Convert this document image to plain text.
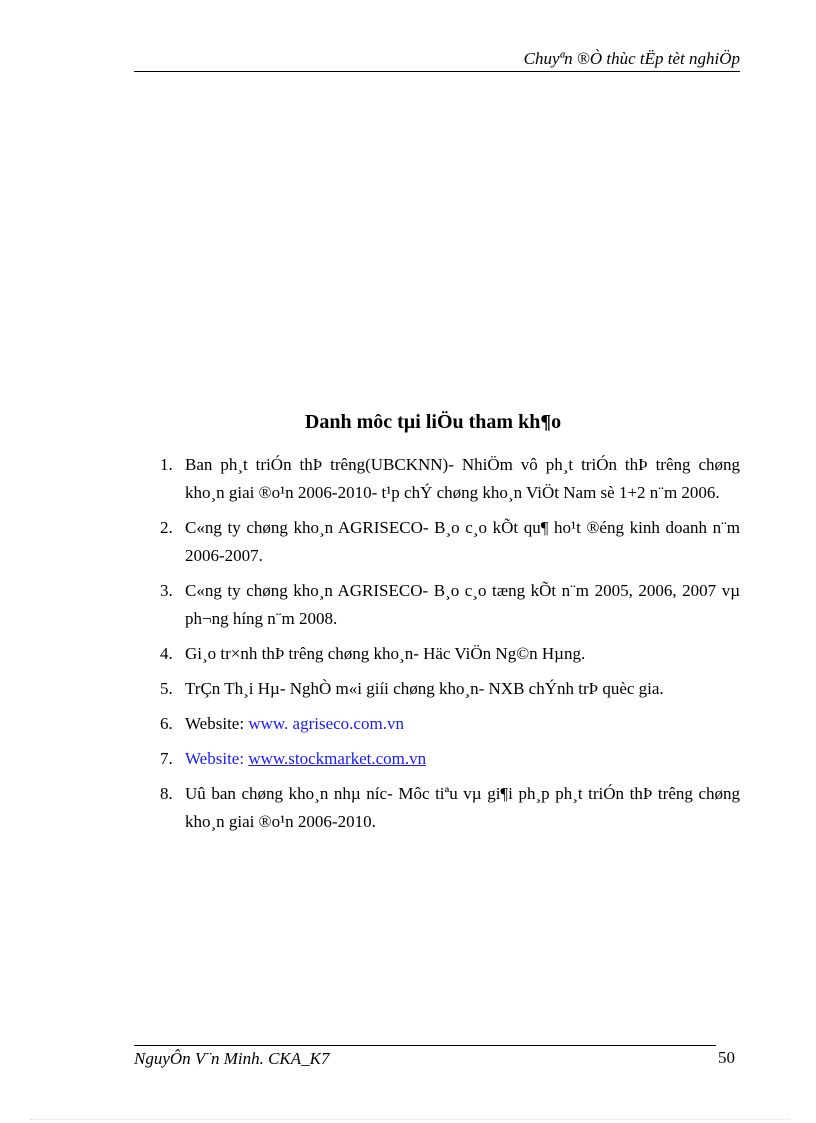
Chuyªn ®Ò thùc tËp tèt nghiÖp
Danh môc tµi liÖu tham kh¶o
1. Ban ph¸t triÓn thÞ trêng(UBCKNN)- NhiÖm vô ph¸t triÓn thÞ trêng chøng kho¸n giai ®o¹n 2006-2010- t¹p chÝ chøng kho¸n ViÖt Nam sè 1+2 n¨m 2006.
2. C«ng ty chøng kho¸n AGRISECO- B¸o c¸o kÕt qu¶ ho¹t ®éng kinh doanh n¨m 2006-2007.
3. C«ng ty chøng kho¸n AGRISECO- B¸o c¸o tæng kÕt n¨m 2005, 2006, 2007 vµ ph¬ng híng n¨m 2008.
4. Gi¸o tr×nh thÞ trêng chøng kho¸n- Häc ViÖn Ng©n Hµng.
5. TrÇn Th¸i Hµ- NghÒ m«i giíi chøng kho¸n- NXB chÝnh trÞ quèc gia.
6. Website: www. agriseco.com.vn
7. Website: www.stockmarket.com.vn
8. Uû ban chøng kho¸n nhµ níc- Môc tiªu vµ gi¶i ph¸p ph¸t triÓn thÞ trêng chøng kho¸n giai ®o¹n 2006-2010.
NguyÔn V¨n Minh. CKA_K7	50
